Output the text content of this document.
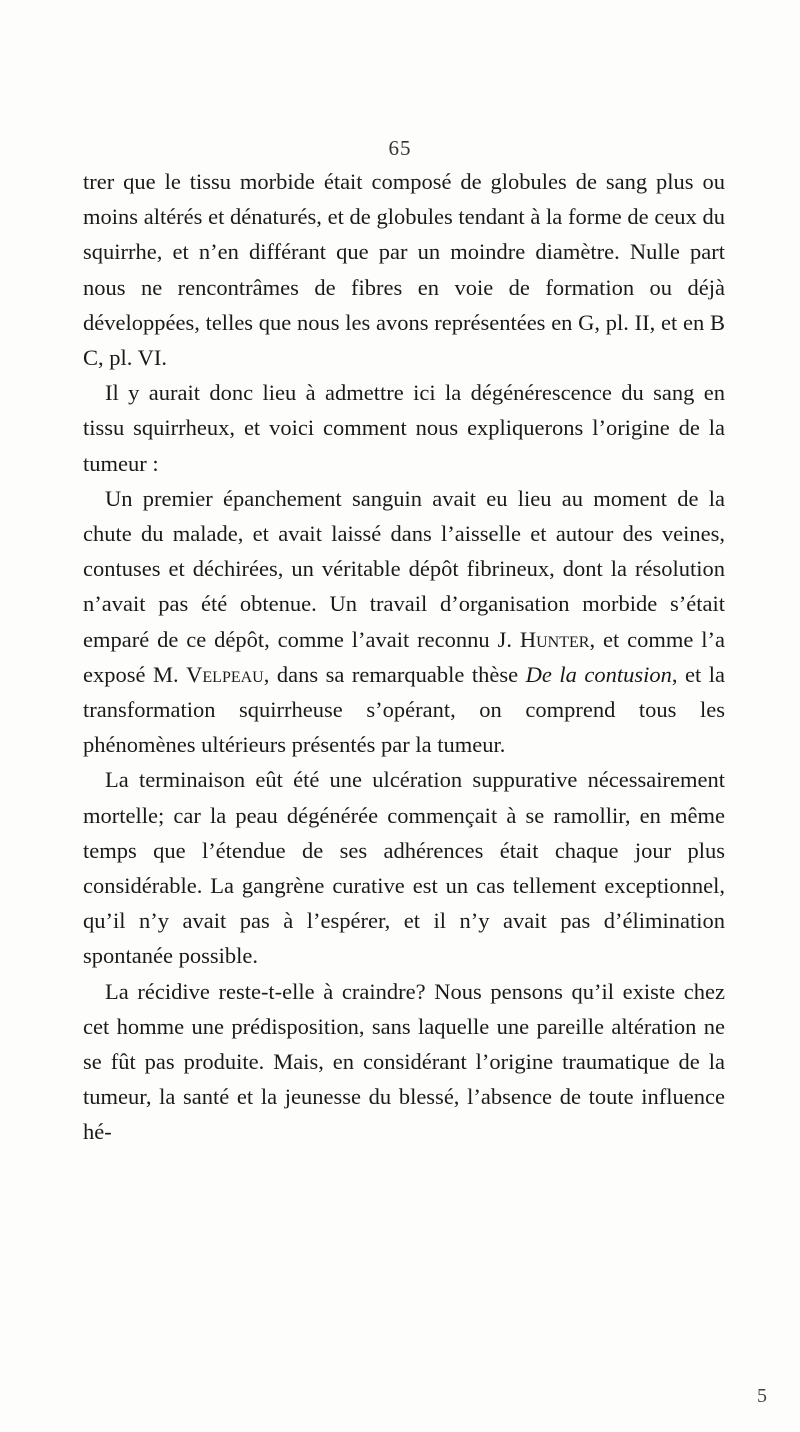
65

trer que le tissu morbide était composé de globules de sang plus ou moins altérés et dénaturés, et de globules tendant à la forme de ceux du squirrhe, et n’en différant que par un moindre diamètre. Nulle part nous ne rencontrâmes de fibres en voie de formation ou déjà développées, telles que nous les avons représentées en G, pl. II, et en B C, pl. VI.

Il y aurait donc lieu à admettre ici la dégénérescence du sang en tissu squirrheux, et voici comment nous expliquerons l’origine de la tumeur :

Un premier épanchement sanguin avait eu lieu au moment de la chute du malade, et avait laissé dans l’aisselle et autour des veines, contuses et déchirées, un véritable dépôt fibrineux, dont la résolution n’avait pas été obtenue. Un travail d’organisation morbide s’était emparé de ce dépôt, comme l’avait reconnu J. Hunter, et comme l’a exposé M. Velpeau, dans sa remarquable thèse De la contusion, et la transformation squirrheuse s’opérant, on comprend tous les phénomènes ultérieurs présentés par la tumeur.

La terminaison eût été une ulcération suppurative nécessairement mortelle; car la peau dégénérée commençait à se ramollir, en même temps que l’étendue de ses adhérences était chaque jour plus considérable. La gangrène curative est un cas tellement exceptionnel, qu’il n’y avait pas à l’espérer, et il n’y avait pas d’élimination spontanée possible.

La récidive reste-t-elle à craindre? Nous pensons qu’il existe chez cet homme une prédisposition, sans laquelle une pareille altération ne se fût pas produite. Mais, en considérant l’origine traumatique de la tumeur, la santé et la jeunesse du blessé, l’absence de toute influence hé-

5
